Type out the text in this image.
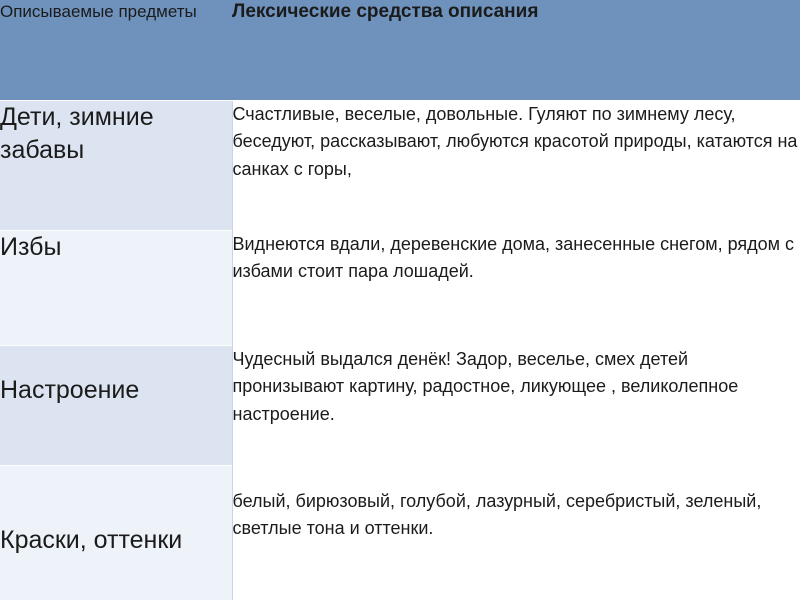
Описываемые предметы	Лексические средства описания

Дети, зимние забавы	Счастливые, веселые, довольные. Гуляют по зимнему лесу, беседуют, рассказывают, любуются красотой природы, катаются на санках с горы,

Избы	Виднеются вдали, деревенские дома, занесенные снегом, рядом с избами стоит пара лошадей.

Настроение	Чудесный выдался денёк! Задор, веселье, смех детей пронизывают картину, радостное, ликующее , великолепное настроение.

Краски, оттенки	белый, бирюзовый, голубой, лазурный, серебристый, зеленый, светлые тона и оттенки.
